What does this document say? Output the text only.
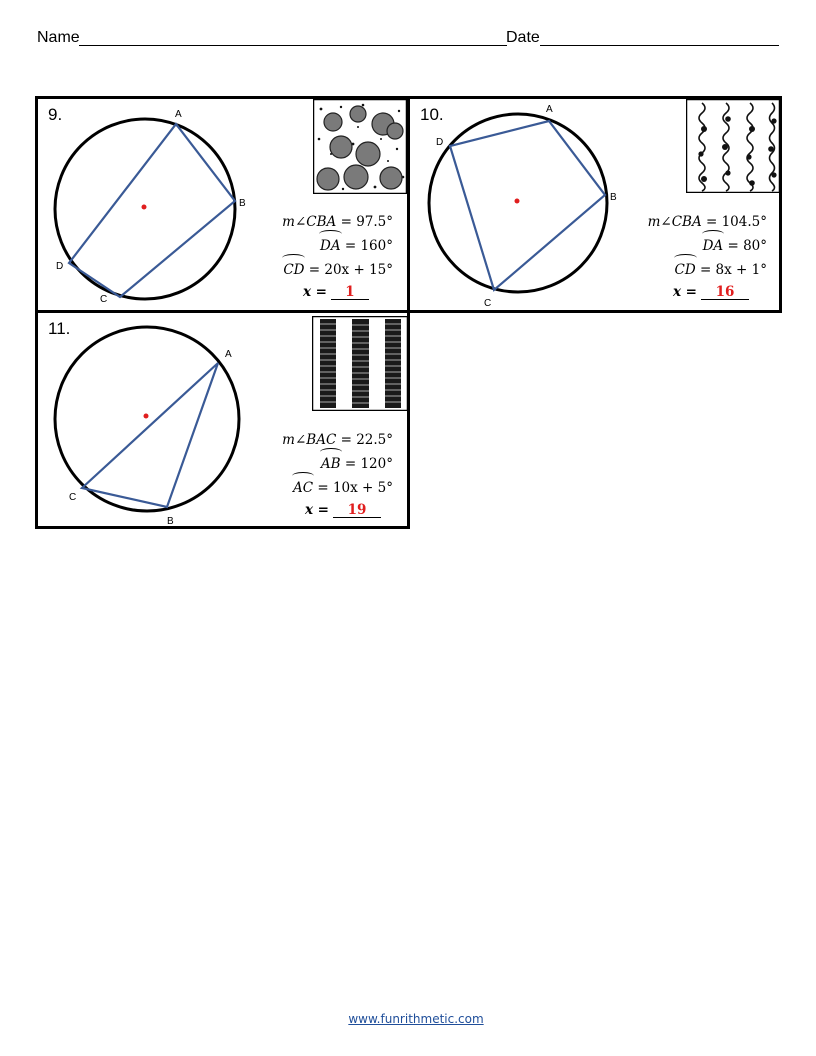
Name	Date
9.	A
B
C
D
m∠CBA = 97.5°
DA = 160°
CD = 20x + 15°
x = 1
10.	A
B
C
D
m∠CBA = 104.5°
DA = 80°
CD = 8x + 1°
x = 16
11.
A
B
C
m∠BAC = 22.5°
AB = 120°
AC = 10x + 5°
x = 19
www.funrithmetic.com
